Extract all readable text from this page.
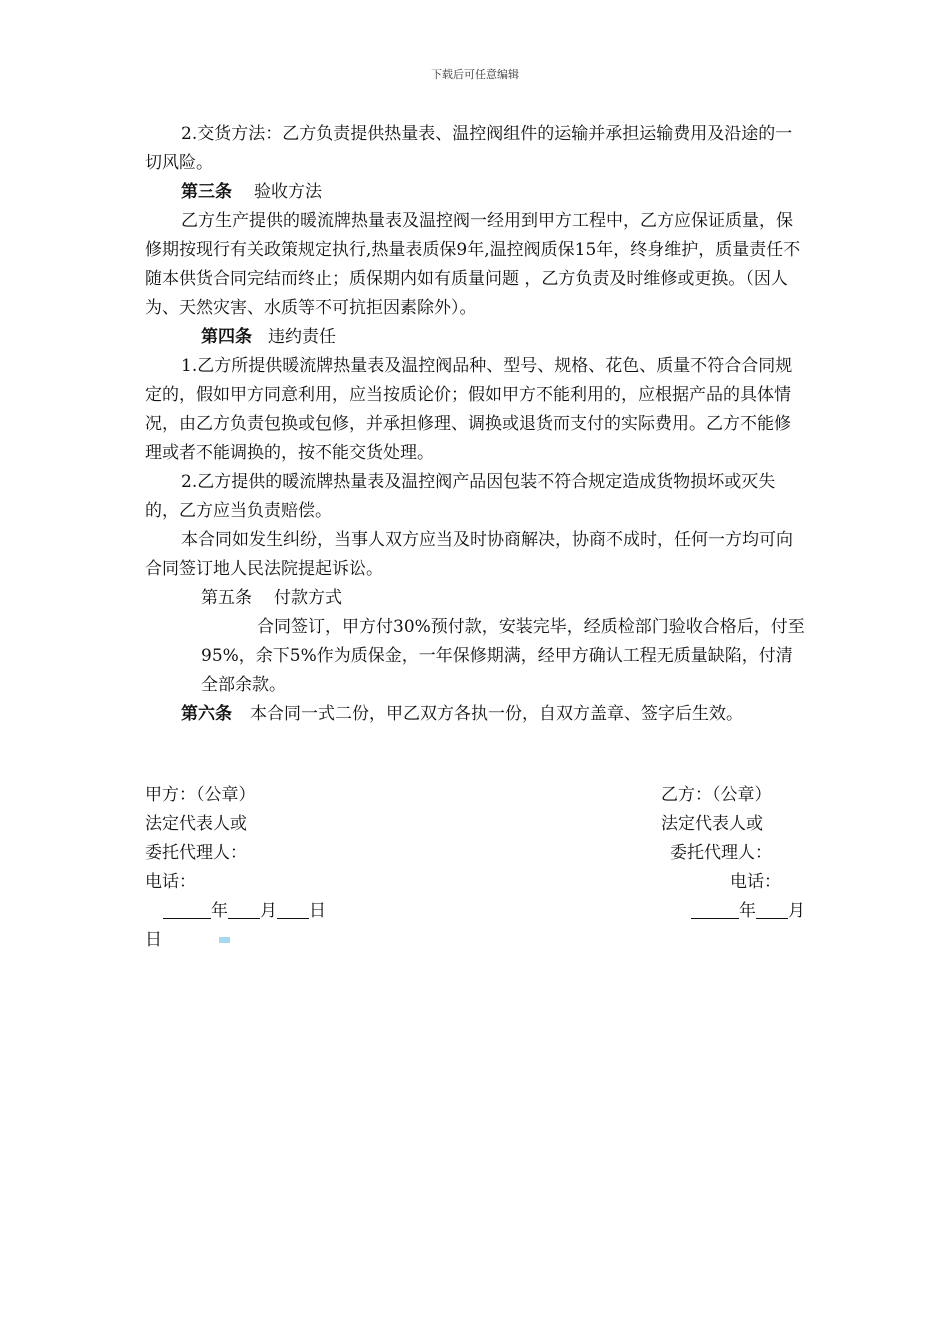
下载后可任意编辑

2.交货方法：乙方负责提供热量表、温控阀组件的运输并承担运输费用及沿途的一切风险。

第三条 验收方法

乙方生产提供的暖流牌热量表及温控阀一经用到甲方工程中，乙方应保证质量，保修期按现行有关政策规定执行,热量表质保9年,温控阀质保15年，终身维护，质量责任不随本供货合同完结而终止；质保期内如有质量问题 ，乙方负责及时维修或更换。（因人为、天然灾害、水质等不可抗拒因素除外）。

第四条 违约责任

1.乙方所提供暖流牌热量表及温控阀品种、型号、规格、花色、质量不符合合同规定的，假如甲方同意利用，应当按质论价；假如甲方不能利用的，应根据产品的具体情况，由乙方负责包换或包修，并承担修理、调换或退货而支付的实际费用。乙方不能修理或者不能调换的，按不能交货处理。

2.乙方提供的暖流牌热量表及温控阀产品因包装不符合规定造成货物损坏或灭失的，乙方应当负责赔偿。

本合同如发生纠纷，当事人双方应当及时协商解决，协商不成时，任何一方均可向合同签订地人民法院提起诉讼。

第五条 付款方式

合同签订，甲方付30%预付款，安装完毕，经质检部门验收合格后，付至95%，余下5%作为质保金，一年保修期满，经甲方确认工程无质量缺陷，付清全部余款。

第六条 本合同一式二份，甲乙双方各执一份，自双方盖章、签字后生效。

甲方：（公章）	乙方：（公章）
法定代表人或	法定代表人或
委托代理人：	委托代理人：
电话：	电话：
年 月 日	年 月
日
